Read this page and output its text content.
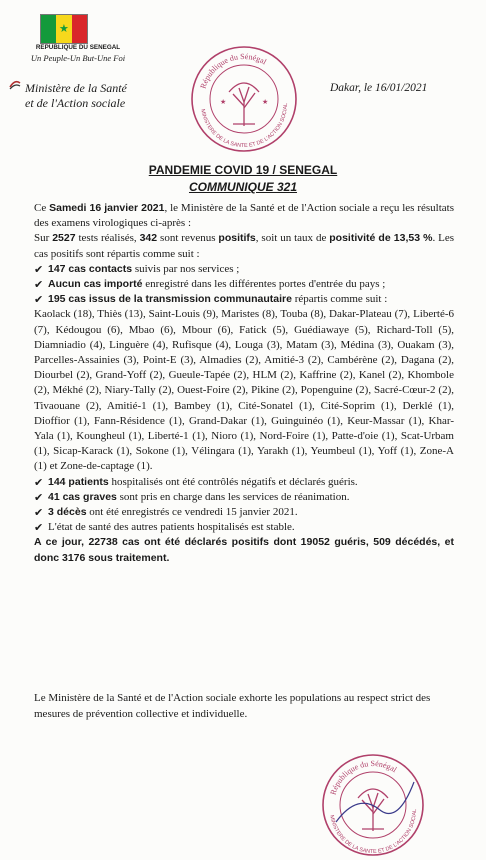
★
REPUBLIQUE DU SENEGAL
Un Peuple-Un But-Une Foi
Ministère de la Santé
et de l'Action sociale
Dakar, le 16/01/2021
République du Sénégal
MINISTERE DE LA SANTE ET DE L'ACTION SOCIAL
★	★
PANDEMIE COVID 19 / SENEGAL
COMMUNIQUE 321

Ce Samedi 16 janvier 2021, le Ministère de la Santé et de l'Action sociale a reçu les résultats des examens virologiques ci-après :

Sur 2527 tests réalisés, 342 sont revenus positifs, soit un taux de positivité de 13,53 %. Les cas positifs sont répartis comme suit :

✔ 147 cas contacts suivis par nos services ;
✔ Aucun cas importé enregistré dans les différentes portes d'entrée du pays ;
✔ 195 cas issus de la transmission communautaire répartis comme suit :
Kaolack (18), Thiès (13), Saint-Louis (9), Maristes (8), Touba (8), Dakar-Plateau (7), Liberté-6 (7), Kédougou (6), Mbao (6), Mbour (6), Fatick (5), Guédiawaye (5), Richard-Toll (5), Diamniadio (4), Linguère (4), Rufisque (4), Louga (3), Matam (3), Médina (3), Ouakam (3), Parcelles-Assainies (3), Point-E (3), Almadies (2), Amitié-3 (2), Cambérène (2), Dagana (2), Diourbel (2), Grand-Yoff (2), Gueule-Tapée (2), HLM (2), Kaffrine (2), Kanel (2), Khombole (2), Mékhé (2), Niary-Tally (2), Ouest-Foire (2), Pikine (2), Popenguine (2), Sacré-Cœur-2 (2), Tivaouane (2), Amitié-1 (1), Bambey (1), Cité-Sonatel (1), Cité-Soprim (1), Derklé (1), Dioffior (1), Fann-Résidence (1), Grand-Dakar (1), Guinguinéo (1), Keur-Massar (1), Khar-Yala (1), Koungheul (1), Liberté-1 (1), Nioro (1), Nord-Foire (1), Patte-d'oie (1), Scat-Urbam (1), Sicap-Karack (1), Sokone (1), Vélingara (1), Yarakh (1), Yeumbeul (1), Yoff (1), Zone-A (1) et Zone-de-captage (1).
✔ 144 patients hospitalisés ont été contrôlés négatifs et déclarés guéris.
✔ 41 cas graves sont pris en charge dans les services de réanimation.
✔ 3 décès ont été enregistrés ce vendredi 15 janvier 2021.
✔ L'état de santé des autres patients hospitalisés est stable.

A ce jour, 22738 cas ont été déclarés positifs dont 19052 guéris, 509 décédés, et donc 3176 sous traitement.

Le Ministère de la Santé et de l'Action sociale exhorte les populations au respect strict des mesures de prévention collective et individuelle.
République du Sénégal
MINISTERE DE LA SANTE ET DE L'ACTION SOCIAL
